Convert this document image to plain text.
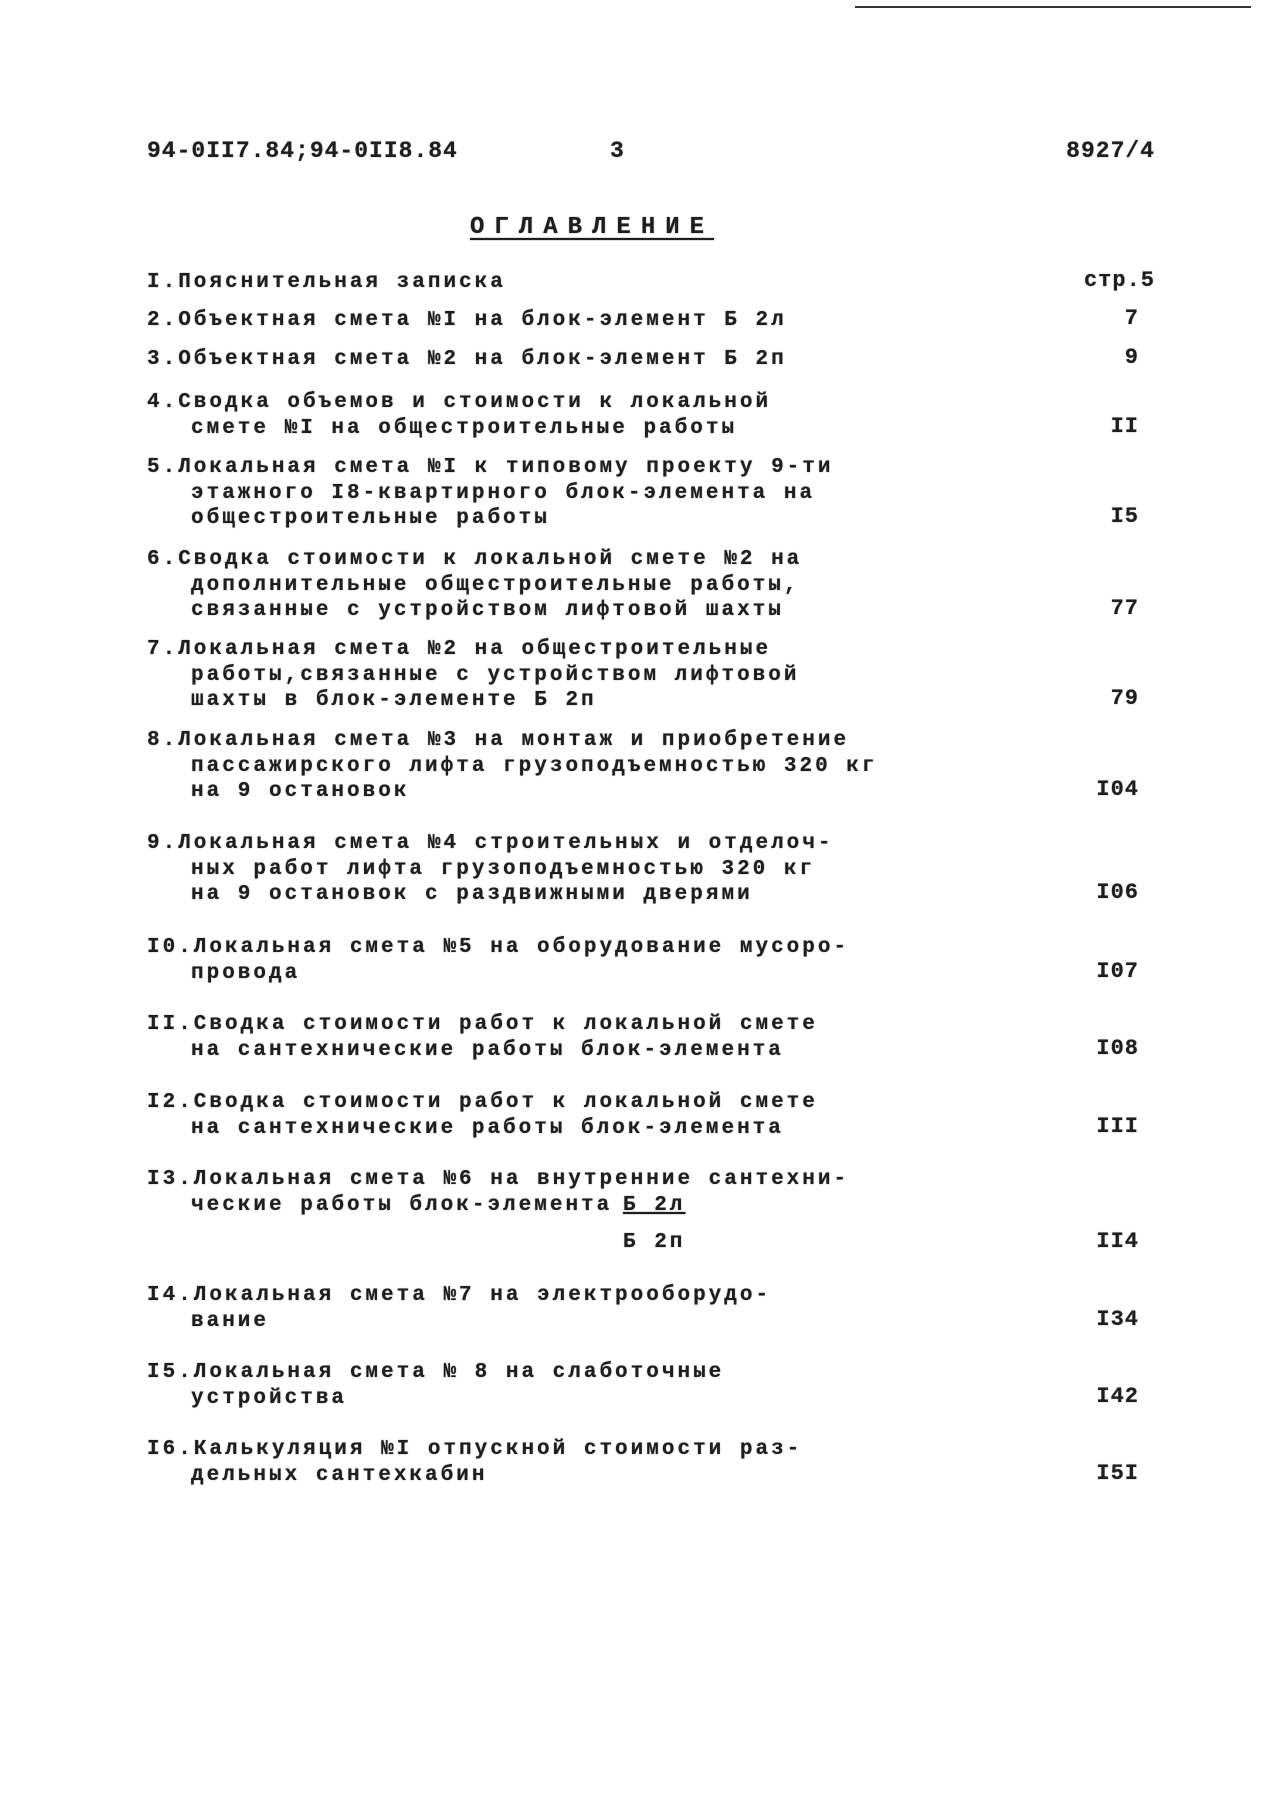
94-0II7.84;94-0II8.84	3	8927/4
ОГЛАВЛЕНИЕ
I.Пояснительная записка	стр.5
2.Объектная смета №I на блок-элемент Б 2л	7
3.Объектная смета №2 на блок-элемент Б 2п	9
4.Сводка объемов и стоимости к локальной
смете №I на общестроительные работы	II
5.Локальная смета №I к типовому проекту 9-ти
этажного I8-квартирного блок-элемента на
общестроительные работы	I5
6.Сводка стоимости к локальной смете №2 на
дополнительные общестроительные работы,
связанные с устройством лифтовой шахты	77
7.Локальная смета №2 на общестроительные
работы,связанные с устройством лифтовой
шахты в блок-элементе Б 2п	79
8.Локальная смета №3 на монтаж и приобретение
пассажирского лифта грузоподъемностью 320 кг
на 9 остановок	I04
9.Локальная смета №4 строительных и отделоч-
ных работ лифта грузоподъемностью 320 кг
на 9 остановок с раздвижными дверями	I06
I0.Локальная смета №5 на оборудование мусоро-
провода	I07
II.Сводка стоимости работ к локальной смете
на сантехнические работы блок-элемента	I08
I2.Сводка стоимости работ к локальной смете
на сантехнические работы блок-элемента	III
I3.Локальная смета №6 на внутренние сантехни-
ческие работы блок-элемента Б 2л
Б 2п	II4
I4.Локальная смета №7 на электрооборудо-
вание	I34
I5.Локальная смета № 8 на слаботочные
устройства	I42
I6.Калькуляция №I отпускной стоимости раз-
дельных сантехкабин	I5I
